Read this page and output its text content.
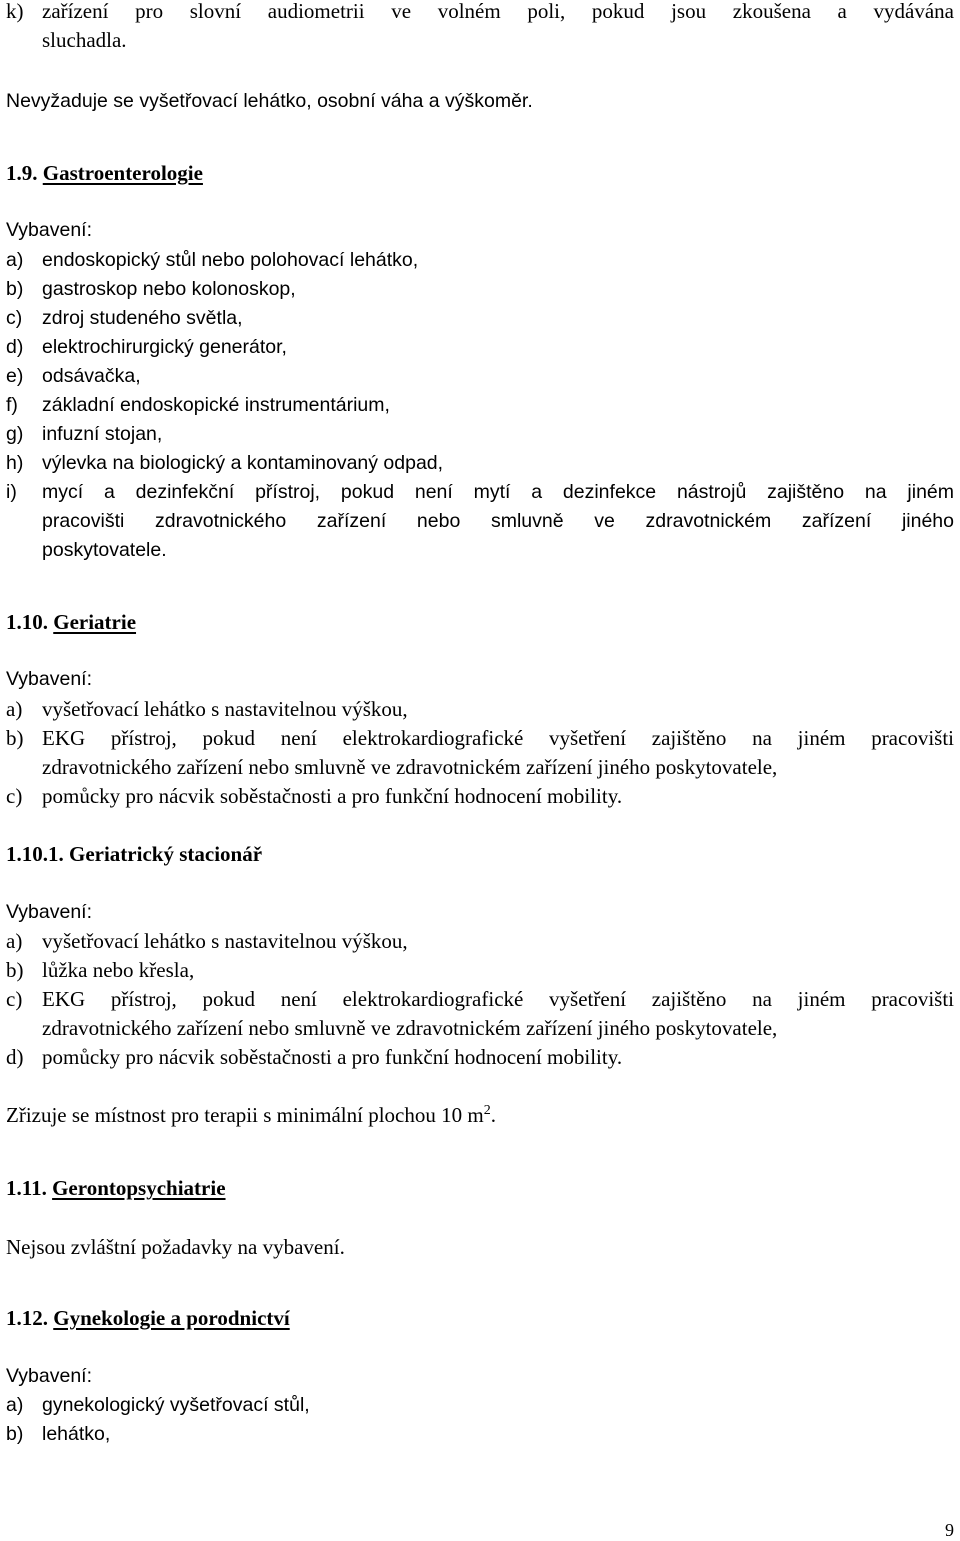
k) zařízení pro slovní audiometrii ve volném poli, pokud jsou zkoušena a vydávána
sluchadla.
Nevyžaduje se vyšetřovací lehátko, osobní váha a výškoměr.
1.9. Gastroenterologie
Vybavení:
a) endoskopický stůl nebo polohovací lehátko,
b) gastroskop nebo kolonoskop,
c)	zdroj studeného světla,
d) elektrochirurgický generátor,
e) odsávačka,
f)	základní endoskopické instrumentárium,
g) infuzní stojan,
h) výlevka na biologický a kontaminovaný odpad,
i)	mycí a dezinfekční přístroj, pokud není mytí a dezinfekce nástrojů zajištěno na jiném
pracovišti zdravotnického zařízení nebo smluvně ve zdravotnickém zařízení jiného
poskytovatele.
1.10. Geriatrie
Vybavení:
a) vyšetřovací lehátko s nastavitelnou výškou,
b) EKG přístroj, pokud není elektrokardiografické vyšetření zajištěno na jiném pracovišti
zdravotnického zařízení nebo smluvně ve zdravotnickém zařízení jiného poskytovatele,
c) pomůcky pro nácvik soběstačnosti a pro funkční hodnocení mobility.
1.10.1. Geriatrický stacionář
Vybavení:
a) vyšetřovací lehátko s nastavitelnou výškou,
b) lůžka nebo křesla,
c) EKG přístroj, pokud není elektrokardiografické vyšetření zajištěno na jiném pracovišti
zdravotnického zařízení nebo smluvně ve zdravotnickém zařízení jiného poskytovatele,
d) pomůcky pro nácvik soběstačnosti a pro funkční hodnocení mobility.
Zřizuje se místnost pro terapii s minimální plochou 10 $m^2$.
1.11. Gerontopsychiatrie
Nejsou zvláštní požadavky na vybavení.
1.12. Gynekologie a porodnictví
Vybavení:
a) gynekologický vyšetřovací stůl,
b) lehátko,
9
